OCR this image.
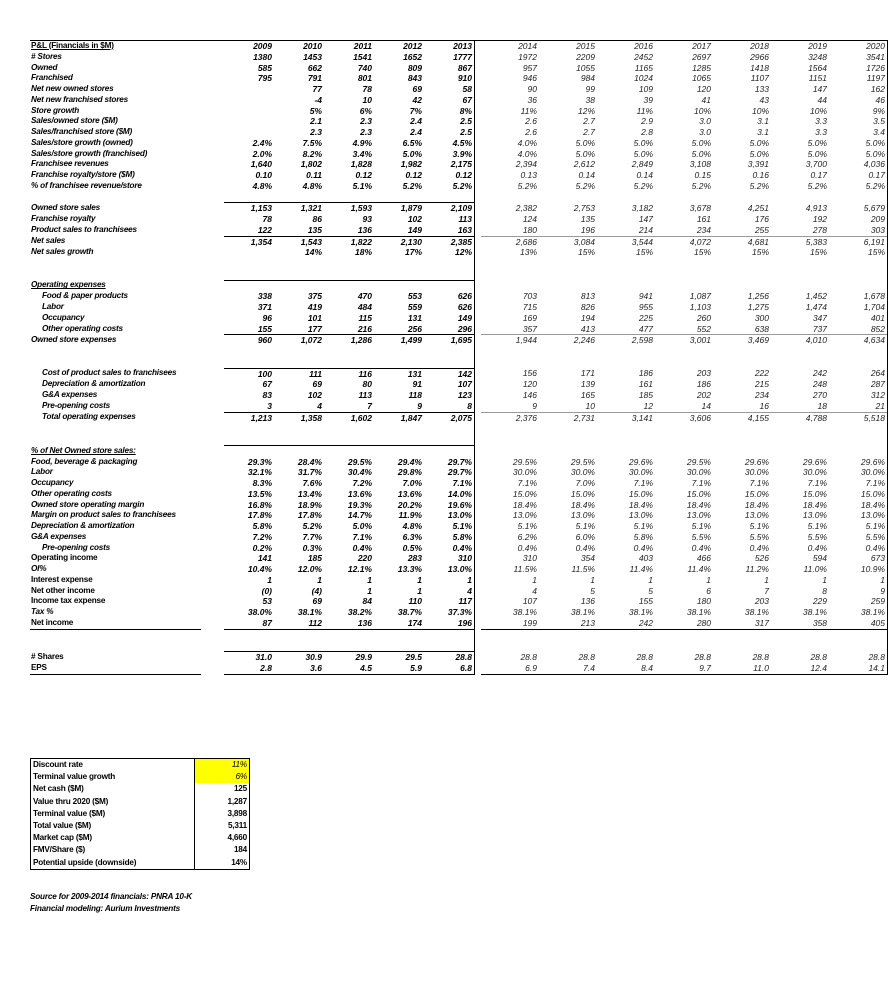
P&L (Financials in $M)		2009	2010	2011	2012	2013		2014	2015	2016	2017	2018	2019	2020
# Stores		1380	1453	1541	1652	1777		1972	2209	2452	2697	2966	3248	3541
Owned		585	662	740	809	867		957	1055	1165	1285	1418	1564	1726
Franchised		795	791	801	843	910		946	984	1024	1065	1107	1151	1197
Net new owned stores			77	78	69	58		90	99	109	120	133	147	162
Net new franchised stores			-4	10	42	67		36	38	39	41	43	44	46
Store growth			5%	6%	7%	8%		11%	12%	11%	10%	10%	10%	9%
Sales/owned store ($M)			2.1	2.3	2.4	2.5		2.6	2.7	2.9	3.0	3.1	3.3	3.5
Sales/franchised store ($M)			2.3	2.3	2.4	2.5		2.6	2.7	2.8	3.0	3.1	3.3	3.4
Sales/store growth (owned)		2.4%	7.5%	4.9%	6.5%	4.5%		4.0%	5.0%	5.0%	5.0%	5.0%	5.0%	5.0%
Sales/store growth (franchised)		2.0%	8.2%	3.4%	5.0%	3.9%		4.0%	5.0%	5.0%	5.0%	5.0%	5.0%	5.0%
Franchisee revenues		1,640	1,802	1,828	1,982	2,175		2,394	2,612	2,849	3,108	3,391	3,700	4,036
Franchise royalty/store ($M)		0.10	0.11	0.12	0.12	0.12		0.13	0.14	0.14	0.15	0.16	0.17	0.17
% of franchisee revenue/store		4.8%	4.8%	5.1%	5.2%	5.2%		5.2%	5.2%	5.2%	5.2%	5.2%	5.2%	5.2%

Owned store sales		1,153	1,321	1,593	1,879	2,109		2,382	2,753	3,182	3,678	4,251	4,913	5,679
Franchise royalty		78	86	93	102	113		124	135	147	161	176	192	209
Product sales to franchisees		122	135	136	149	163		180	196	214	234	255	278	303
Net sales		1,354	1,543	1,822	2,130	2,385		2,686	3,084	3,544	4,072	4,681	5,383	6,191
Net sales growth			14%	18%	17%	12%		13%	15%	15%	15%	15%	15%	15%

Operating expenses														
Food & paper products		338	375	470	553	626		703	813	941	1,087	1,256	1,452	1,678
Labor		371	419	484	559	626		715	826	955	1,103	1,275	1,474	1,704
Occupancy		96	101	115	131	149		169	194	225	260	300	347	401
Other operating costs		155	177	216	256	296		357	413	477	552	638	737	852
Owned store expenses		960	1,072	1,286	1,499	1,695		1,944	2,246	2,598	3,001	3,469	4,010	4,634

Cost of product sales to franchisees		100	111	116	131	142		156	171	186	203	222	242	264
Depreciation & amortization		67	69	80	91	107		120	139	161	186	215	248	287
G&A expenses		83	102	113	118	123		146	165	185	202	234	270	312
Pre-opening costs		3	4	7	9	8		9	10	12	14	16	18	21
Total operating expenses		1,213	1,358	1,602	1,847	2,075		2,376	2,731	3,141	3,606	4,155	4,788	5,518

% of Net Owned store sales:														
Food, beverage & packaging		29.3%	28.4%	29.5%	29.4%	29.7%		29.5%	29.5%	29.6%	29.5%	29.6%	29.6%	29.6%
Labor		32.1%	31.7%	30.4%	29.8%	29.7%		30.0%	30.0%	30.0%	30.0%	30.0%	30.0%	30.0%
Occupancy		8.3%	7.6%	7.2%	7.0%	7.1%		7.1%	7.0%	7.1%	7.1%	7.1%	7.1%	7.1%
Other operating costs		13.5%	13.4%	13.6%	13.6%	14.0%		15.0%	15.0%	15.0%	15.0%	15.0%	15.0%	15.0%
Owned store operating margin		16.8%	18.9%	19.3%	20.2%	19.6%		18.4%	18.4%	18.4%	18.4%	18.4%	18.4%	18.4%
Margin on product sales to franchisees		17.8%	17.8%	14.7%	11.9%	13.0%		13.0%	13.0%	13.0%	13.0%	13.0%	13.0%	13.0%
Depreciation & amortization		5.8%	5.2%	5.0%	4.8%	5.1%		5.1%	5.1%	5.1%	5.1%	5.1%	5.1%	5.1%
G&A expenses		7.2%	7.7%	7.1%	6.3%	5.8%		6.2%	6.0%	5.8%	5.5%	5.5%	5.5%	5.5%
Pre-opening costs		0.2%	0.3%	0.4%	0.5%	0.4%		0.4%	0.4%	0.4%	0.4%	0.4%	0.4%	0.4%
Operating income		141	185	220	283	310		310	354	403	466	526	594	673
OI%		10.4%	12.0%	12.1%	13.3%	13.0%		11.5%	11.5%	11.4%	11.4%	11.2%	11.0%	10.9%
Interest expense		1	1	1	1	1		1	1	1	1	1	1	1
Net other income		(0)	(4)	1	1	4		4	5	5	6	7	8	9
Income tax expense		53	69	84	110	117		107	136	155	180	203	229	259
Tax %		38.0%	38.1%	38.2%	38.7%	37.3%		38.1%	38.1%	38.1%	38.1%	38.1%	38.1%	38.1%
Net income		87	112	136	174	196		199	213	242	280	317	358	405

# Shares		31.0	30.9	29.9	29.5	28.8		28.8	28.8	28.8	28.8	28.8	28.8	28.8
EPS		2.8	3.6	4.5	5.9	6.8		6.9	7.4	8.4	9.7	11.0	12.4	14.1
Discount rate	11%
Terminal value growth	6%
Net cash ($M)	125
Value thru 2020 ($M)	1,287
Terminal value ($M)	3,898
Total value ($M)	5,311
Market cap ($M)	4,660
FMV/Share ($)	184
Potential upside (downside)	14%
Source for 2009-2014 financials: PNRA 10-K
Financial modeling: Aurium Investments
